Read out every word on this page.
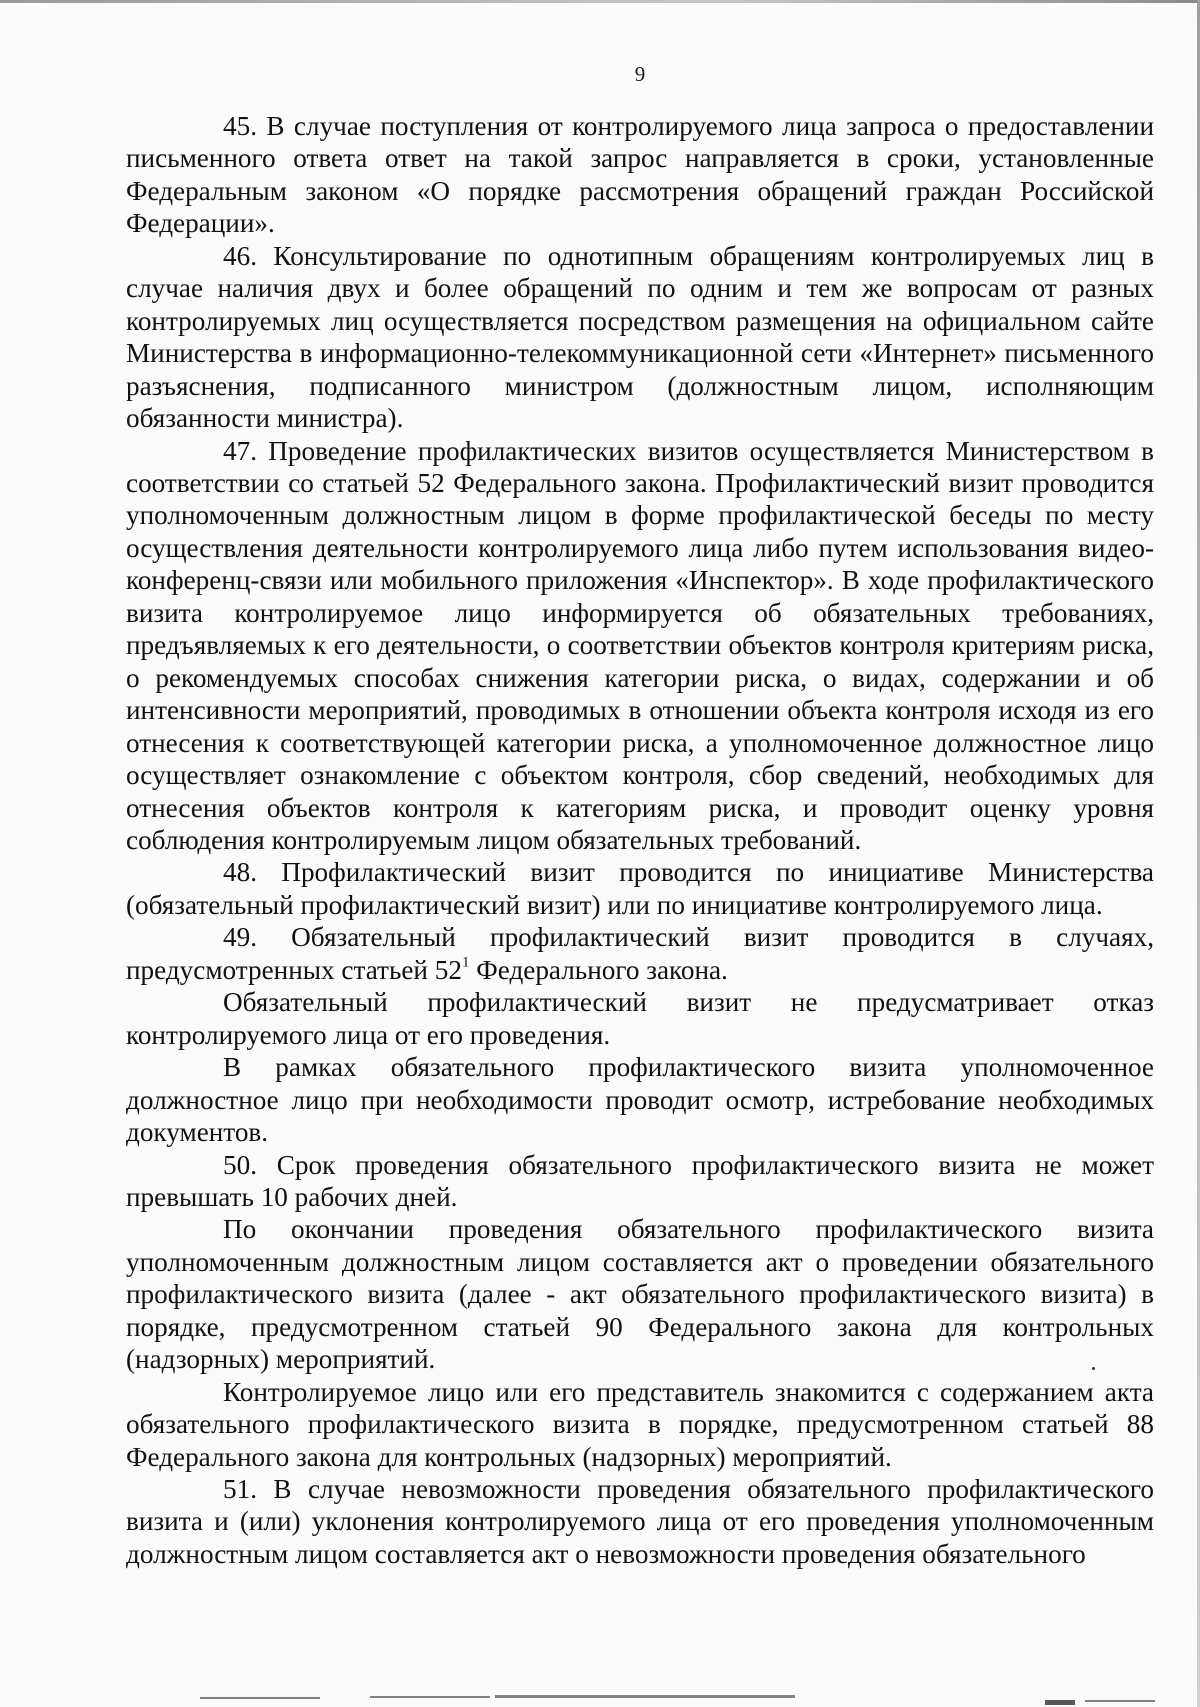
9

45. В случае поступления от контролируемого лица запроса о предоставлении письменного ответа ответ на такой запрос направляется в сроки, установленные Федеральным законом «О порядке рассмотрения обращений граждан Российской Федерации».

46. Консультирование по однотипным обращениям контролируемых лиц в случае наличия двух и более обращений по одним и тем же вопросам от разных контролируемых лиц осуществляется посредством размещения на официальном сайте Министерства в информационно-телекоммуникационной сети «Интернет» письменного разъяснения, подписанного министром (должностным лицом, исполняющим обязанности министра).

47. Проведение профилактических визитов осуществляется Министерством в соответствии со статьей 52 Федерального закона. Профилактический визит проводится уполномоченным должностным лицом в форме профилактической беседы по месту осуществления деятельности контролируемого лица либо путем использования видеоконференц-связи или мобильного приложения «Инспектор». В ходе профилактического визита контролируемое лицо информируется об обязательных требованиях, предъявляемых к его деятельности, о соответствии объектов контроля критериям риска, о рекомендуемых способах снижения категории риска, о видах, содержании и об интенсивности мероприятий, проводимых в отношении объекта контроля исходя из его отнесения к соответствующей категории риска, а уполномоченное должностное лицо осуществляет ознакомление с объектом контроля, сбор сведений, необходимых для отнесения объектов контроля к категориям риска, и проводит оценку уровня соблюдения контролируемым лицом обязательных требований.

48. Профилактический визит проводится по инициативе Министерства (обязательный профилактический визит) или по инициативе контролируемого лица.

49. Обязательный профилактический визит проводится в случаях, предусмотренных статьей $52^1$ Федерального закона.

Обязательный профилактический визит не предусматривает отказ контролируемого лица от его проведения.

В рамках обязательного профилактического визита уполномоченное должностное лицо при необходимости проводит осмотр, истребование необходимых документов.

50. Срок проведения обязательного профилактического визита не может превышать 10 рабочих дней.

По окончании проведения обязательного профилактического визита уполномоченным должностным лицом составляется акт о проведении обязательного профилактического визита (далее - акт обязательного профилактического визита) в порядке, предусмотренном статьей 90 Федерального закона для контрольных (надзорных) мероприятий.

Контролируемое лицо или его представитель знакомится с содержанием акта обязательного профилактического визита в порядке, предусмотренном статьей 88 Федерального закона для контрольных (надзорных) мероприятий.

51. В случае невозможности проведения обязательного профилактического визита и (или) уклонения контролируемого лица от его проведения уполномоченным должностным лицом составляется акт о невозможности проведения обязательного
